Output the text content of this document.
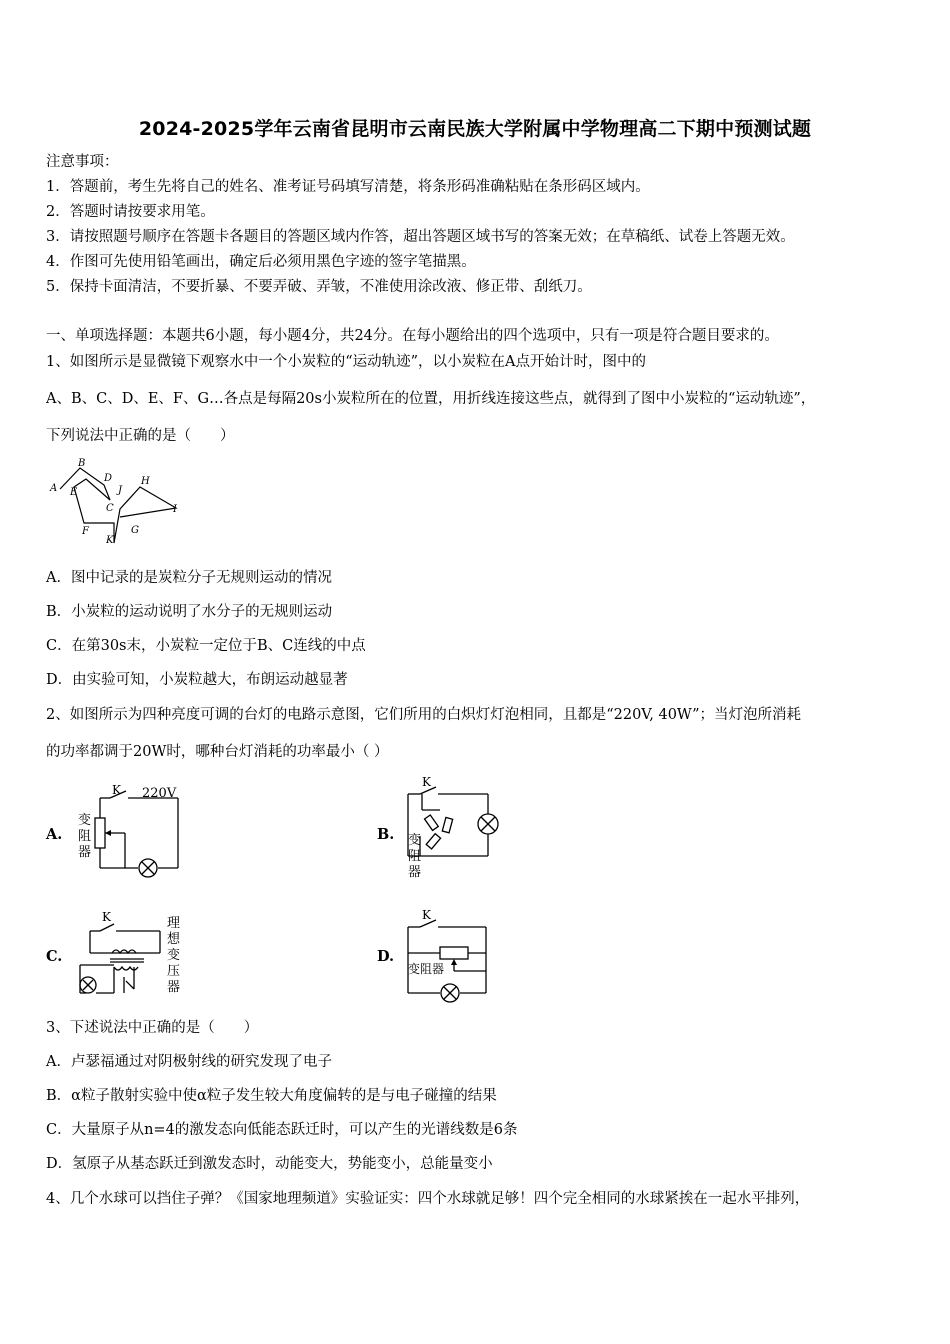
2024-2025学年云南省昆明市云南民族大学附属中学物理高二下期中预测试题
注意事项：
1．答题前，考生先将自己的姓名、准考证号码填写清楚，将条形码准确粘贴在条形码区域内。
2．答题时请按要求用笔。
3．请按照题号顺序在答题卡各题目的答题区域内作答，超出答题区域书写的答案无效；在草稿纸、试卷上答题无效。
4．作图可先使用铅笔画出，确定后必须用黑色字迹的签字笔描黑。
5．保持卡面清洁，不要折暴、不要弄破、弄皱，不准使用涂改液、修正带、刮纸刀。
一、单项选择题：本题共6小题，每小题4分，共24分。在每小题给出的四个选项中，只有一项是符合题目要求的。
1、如图所示是显微镜下观察水中一个小炭粒的“运动轨迹”，以小炭粒在A点开始计时，图中的
A、B、C、D、E、F、G…各点是每隔20s小炭粒所在的位置，用折线连接这些点，就得到了图中小炭粒的“运动轨迹”，
下列说法中正确的是（　　）
A
B
C
D
E
F	G
H
I
J
K
A．图中记录的是炭粒分子无规则运动的情况
B．小炭粒的运动说明了水分子的无规则运动
C．在第30s末，小炭粒一定位于B、C连线的中点
D．由实验可知，小炭粒越大，布朗运动越显著
2、如图所示为四种亮度可调的台灯的电路示意图，它们所用的白炽灯灯泡相同，且都是“220V, 40W”；当灯泡所消耗
的功率都调于20W时，哪种台灯消耗的功率最小（ ）
A.
K 220V
变
阻
器
B. 变
阻
器
K
C.
K	理
想
变
压
器
D.
K
变阻器
3、下述说法中正确的是（　　）
A．卢瑟福通过对阴极射线的研究发现了电子
B．α粒子散射实验中使α粒子发生较大角度偏转的是与电子碰撞的结果
C．大量原子从n=4的激发态向低能态跃迁时，可以产生的光谱线数是6条
D．氢原子从基态跃迁到激发态时，动能变大，势能变小，总能量变小
4、几个水球可以挡住子弹？《国家地理频道》实验证实：四个水球就足够！四个完全相同的水球紧挨在一起水平排列，
